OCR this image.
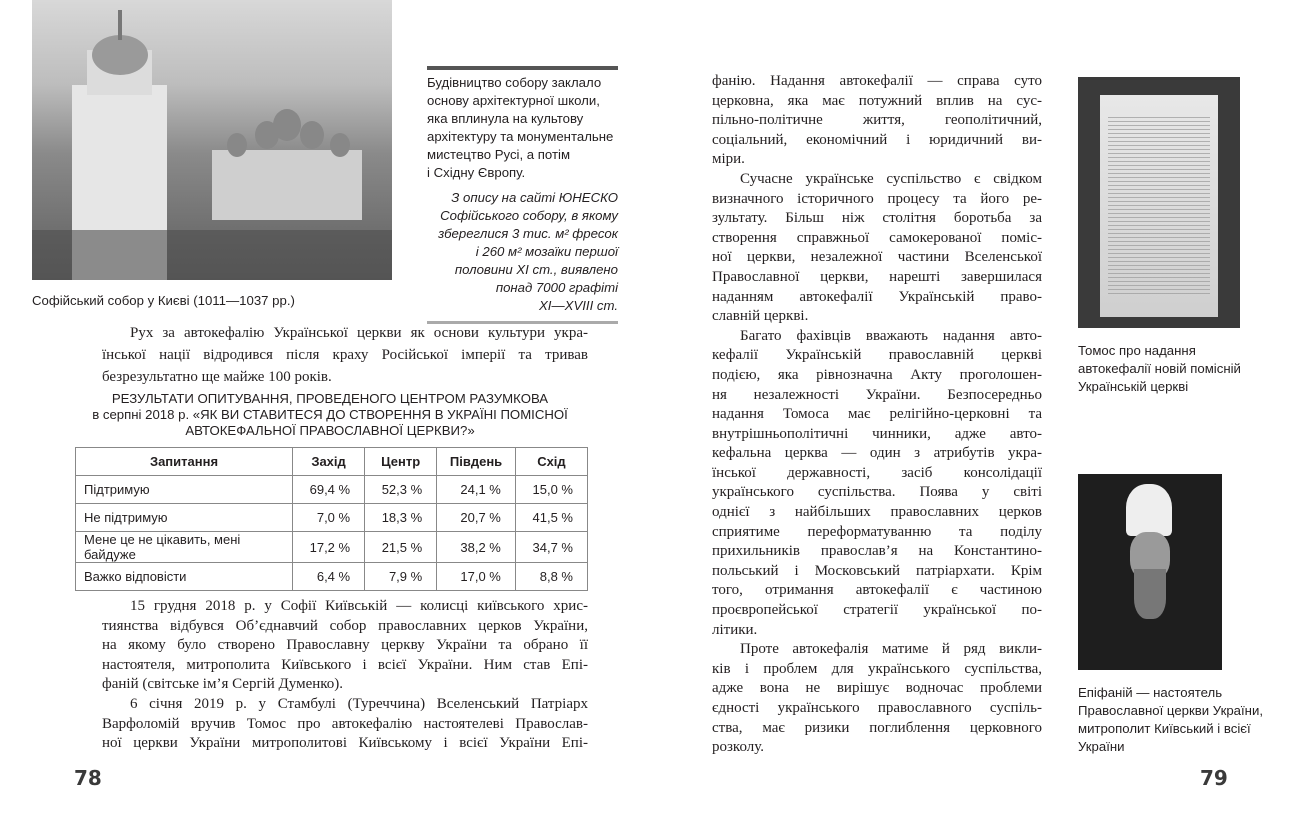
Софійський собор у Києві (1011—1037 рр.)
Будівництво собору заклало
основу архітектурної школи,
яка вплинула на культову
архітектуру та монументальне
мистецтво Русі, а потім
і Східну Європу.
З опису на сайті ЮНЕСКО
Софійського собору, в якому
збереглися 3 тис. м² фресок
і 260 м² мозаїки першої
половини XI ст., виявлено
понад 7000 графіті
XI—XVIII ст.
Рух за автокефалію Української церкви як основи культури укра-
їнської нації відродився після краху Російської імперії та тривав
безрезультатно ще майже 100 років.
РЕЗУЛЬТАТИ ОПИТУВАННЯ, ПРОВЕДЕНОГО ЦЕНТРОМ РАЗУМКОВА
в серпні 2018 р. «ЯК ВИ СТАВИТЕСЯ ДО СТВОРЕННЯ В УКРАЇНІ ПОМІСНОЇ
АВТОКЕФАЛЬНОЇ ПРАВОСЛАВНОЇ ЦЕРКВИ?»
Запитання	Захід	Центр	Південь	Схід
Підтримую	69,4 %	52,3 %	24,1 %	15,0 %
Не підтримую	7,0 %	18,3 %	20,7 %	41,5 %
Мене це не цікавить, мені байдуже	17,2 %	21,5 %	38,2 %	34,7 %
Важко відповісти	6,4 %	7,9 %	17,0 %	8,8 %
15 грудня 2018 р. у Софії Київській — колисці київського хрис-
тиянства відбувся Об’єднавчий собор православних церков України,
на якому було створено Православну церкву України та обрано її
настоятеля, митрополита Київського і всієї України. Ним став Епі-
фаній (світське ім’я Сергій Думенко).
6 січня 2019 р. у Стамбулі (Туреччина) Вселенський Патріарх
Варфоломій вручив Томос про автокефалію настоятелеві Православ-
ної церкви України митрополитові Київському і всієї України Епі-
78
фанію. Надання автокефалії — справа суто
церковна, яка має потужний вплив на сус-
пільно-політичне життя, геополітичний,
соціальний, економічний і юридичний ви-
міри.
Сучасне українське суспільство є свідком
визначного історичного процесу та його ре-
зультату. Більш ніж столітня боротьба за
створення справжньої самокерованої поміс-
ної церкви, незалежної частини Вселенської
Православної церкви, нарешті завершилася
наданням автокефалії Українській право-
славній церкві.
Багато фахівців вважають надання авто-
кефалії Українській православній церкві
подією, яка рівнозначна Акту проголошен-
ня незалежності України. Безпосередньо
надання Томоса має релігійно-церковні та
внутрішньополітичні чинники, адже авто-
кефальна церква — один з атрибутів укра-
їнської державності, засіб консолідації
українського суспільства. Поява у світі
однієї з найбільших православних церков
сприятиме переформатуванню та поділу
прихильників православ’я на Константино-
польський і Московський патріархати. Крім
того, отримання автокефалії є частиною
проєвропейської стратегії української по-
літики.
Проте автокефалія матиме й ряд викли-
ків і проблем для українського суспільства,
адже вона не вирішує водночас проблеми
єдності українського православного суспіль-
ства, має ризики поглиблення церковного
розколу.
Томос про надання
автокефалії новій помісній
Українській церкві
Епіфаній — настоятель
Православної церкви України,
митрополит Київський і всієї
України
79
